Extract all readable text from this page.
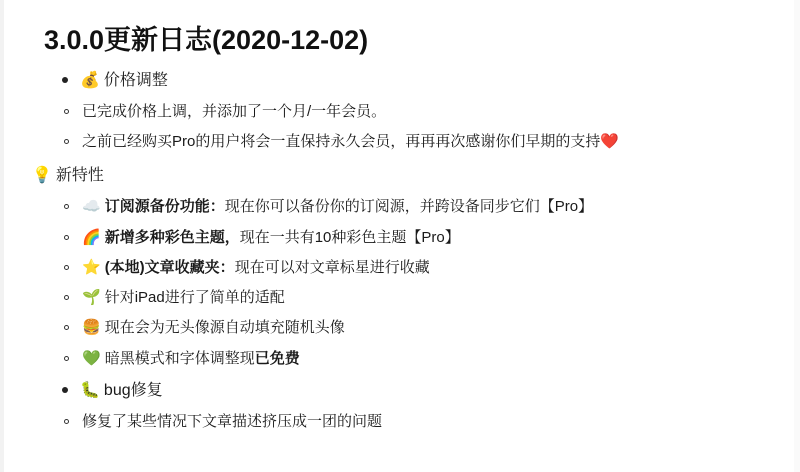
3.0.0更新日志(2020-12-02)
💰 价格调整
已完成价格上调，并添加了一个月/一年会员。
之前已经购买Pro的用户将会一直保持永久会员，再再再次感谢你们早期的支持❤️
💡 新特性
☁️ 订阅源备份功能：现在你可以备份你的订阅源，并跨设备同步它们【Pro】
🌈 新增多种彩色主题，现在一共有10种彩色主题【Pro】
⭐ (本地)文章收藏夹：现在可以对文章标星进行收藏
🌱 针对iPad进行了简单的适配
🍔 现在会为无头像源自动填充随机头像
💚 暗黑模式和字体调整现已免费
🐛 bug修复
修复了某些情况下文章描述挤压成一团的问题
